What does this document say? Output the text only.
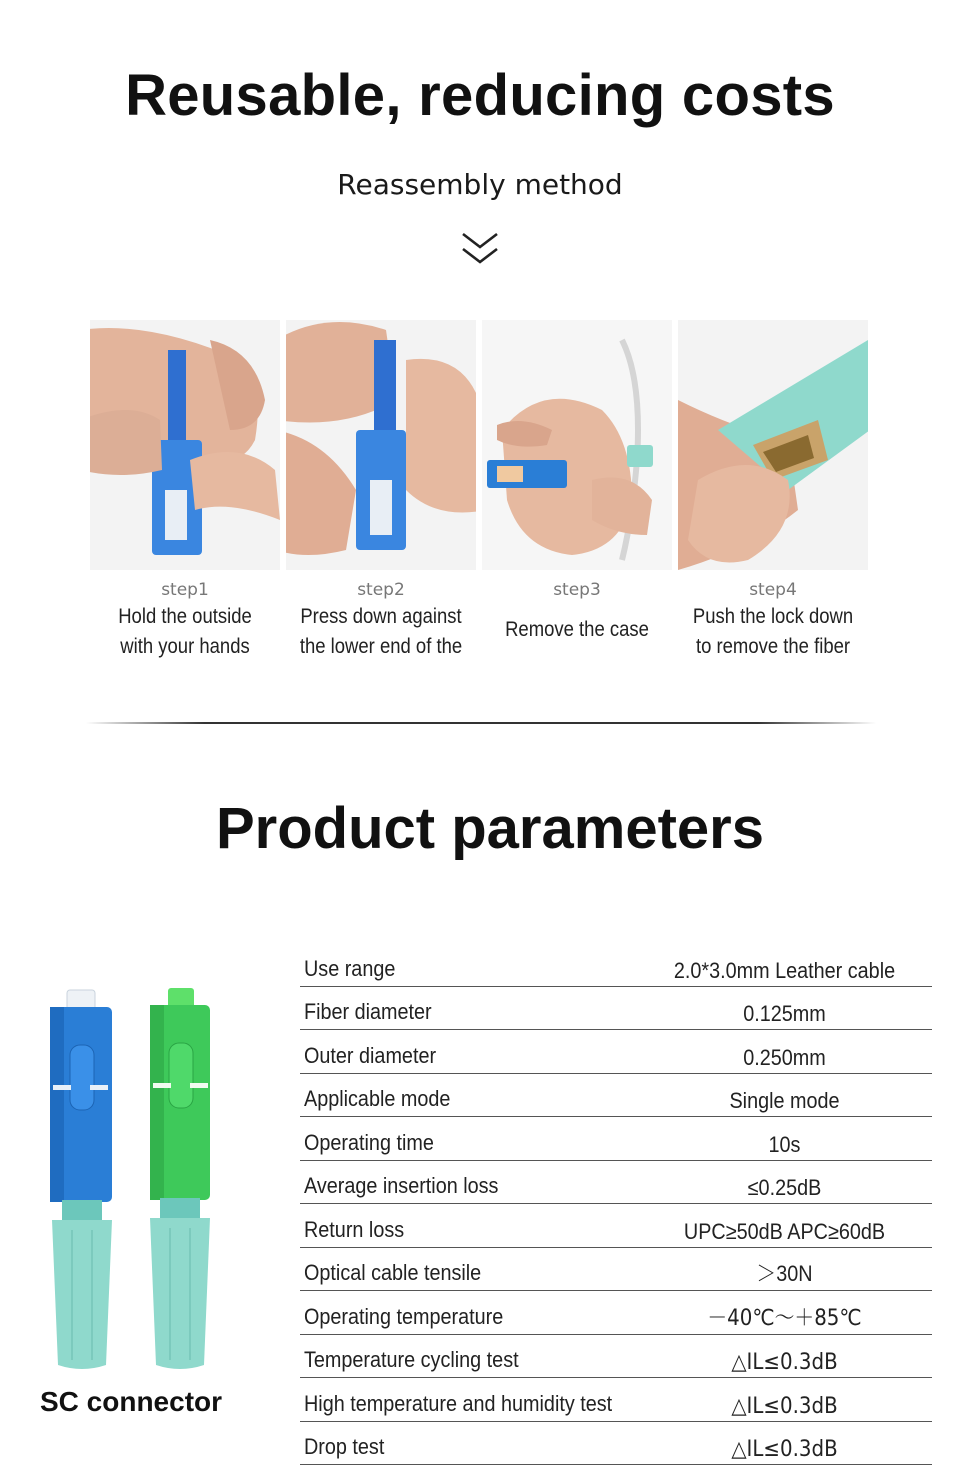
Reusable, reducing costs
Reassembly method
step1
Hold the outside
with your hands
step2
Press down against
the lower end of the
step3
Remove the case
step4
Push the lock down
to remove the fiber
Product parameters
SC connector
Use range	2.0*3.0mm Leather cable
Fiber diameter	0.125mm
Outer diameter	0.250mm
Applicable mode	Single mode
Operating time	10s
Average insertion loss	≤0.25dB
Return loss	UPC≥50dB APC≥60dB
Optical cable tensile	＞30N
Operating temperature	－40℃～＋85℃
Temperature cycling test	△IL≤0.3dB
High temperature and humidity test	△IL≤0.3dB
Drop test	△IL≤0.3dB
